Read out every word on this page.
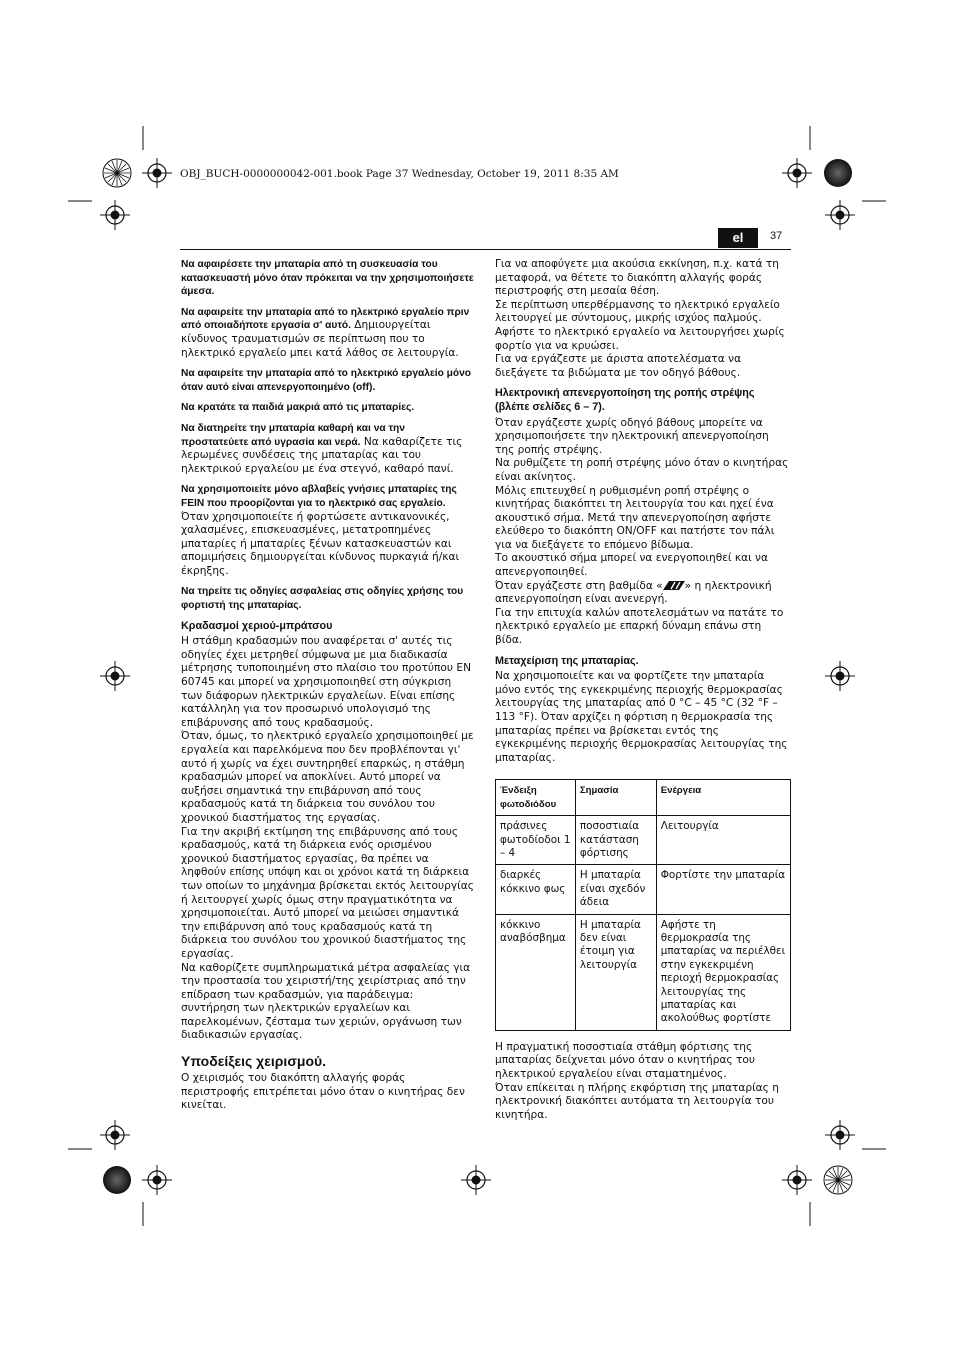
OBJ_BUCH-0000000042-001.book Page 37 Wednesday, October 19, 2011 8:35 AM
el	37

Να αφαιρέσετε την μπαταρία από τη συσκευασία του κατασκευαστή μόνο όταν πρόκειται να την χρησιμοποιήσετε άμεσα.

Να αφαιρείτε την μπαταρία από το ηλεκτρικό εργαλείο πριν από οποιαδήποτε εργασία σ' αυτό. Δημιουργείται κίνδυνος τραυματισμών σε περίπτωση που το ηλεκτρικό εργαλείο μπει κατά λάθος σε λειτουργία.

Να αφαιρείτε την μπαταρία από το ηλεκτρικό εργαλείο μόνο όταν αυτό είναι απενεργοποιημένο (off).

Να κρατάτε τα παιδιά μακριά από τις μπαταρίες.

Να διατηρείτε την μπαταρία καθαρή και να την προστατεύετε από υγρασία και νερά. Να καθαρίζετε τις λερωμένες συνδέσεις της μπαταρίας και του ηλεκτρικού εργαλείου με ένα στεγνό, καθαρό πανί.

Να χρησιμοποιείτε μόνο αβλαβείς γνήσιες μπαταρίες της FEIN που προορίζονται για το ηλεκτρικό σας εργαλείο. Όταν χρησιμοποιείτε ή φορτώσετε αντικανονικές, χαλασμένες, επισκευασμένες, μετατροπημένες μπαταρίες ή μπαταρίες ξένων κατασκευαστών και απομιμήσεις δημιουργείται κίνδυνος πυρκαγιά ή/και έκρηξης.

Να τηρείτε τις οδηγίες ασφαλείας στις οδηγίες χρήσης του φορτιστή της μπαταρίας.

Κραδασμοί χεριού-μπράτσου

Η στάθμη κραδασμών που αναφέρεται σ' αυτές τις οδηγίες έχει μετρηθεί σύμφωνα με μια διαδικασία μέτρησης τυποποιημένη στο πλαίσιο του προτύπου EN 60745 και μπορεί να χρησιμοποιηθεί στη σύγκριση των διάφορων ηλεκτρικών εργαλείων. Είναι επίσης κατάλληλη για τον προσωρινό υπολογισμό της επιβάρυνσης από τους κραδασμούς.

Όταν, όμως, το ηλεκτρικό εργαλείο χρησιμοποιηθεί με εργαλεία και παρελκόμενα που δεν προβλέπονται γι' αυτό ή χωρίς να έχει συντηρηθεί επαρκώς, η στάθμη κραδασμών μπορεί να αποκλίνει. Αυτό μπορεί να αυξήσει σημαντικά την επιβάρυνση από τους κραδασμούς κατά τη διάρκεια του συνόλου του χρονικού διαστήματος της εργασίας.

Για την ακριβή εκτίμηση της επιβάρυνσης από τους κραδασμούς, κατά τη διάρκεια ενός ορισμένου χρονικού διαστήματος εργασίας, θα πρέπει να ληφθούν επίσης υπόψη και οι χρόνοι κατά τη διάρκεια των οποίων το μηχάνημα βρίσκεται εκτός λειτουργίας ή λειτουργεί χωρίς όμως στην πραγματικότητα να χρησιμοποιείται. Αυτό μπορεί να μειώσει σημαντικά την επιβάρυνση από τους κραδασμούς κατά τη διάρκεια του συνόλου του χρονικού διαστήματος της εργασίας.

Να καθορίζετε συμπληρωματικά μέτρα ασφαλείας για την προστασία του χειριστή/της χειρίστριας από την επίδραση των κραδασμών, για παράδειγμα: συντήρηση των ηλεκτρικών εργαλείων και παρελκομένων, ζέσταμα των χεριών, οργάνωση των διαδικασιών εργασίας.

Υποδείξεις χειρισμού.

Ο χειρισμός του διακόπτη αλλαγής φοράς περιστροφής επιτρέπεται μόνο όταν ο κινητήρας δεν κινείται.

Για να αποφύγετε μια ακούσια εκκίνηση, π.χ. κατά τη μεταφορά, να θέτετε το διακόπτη αλλαγής φοράς περιστροφής στη μεσαία θέση.

Σε περίπτωση υπερθέρμανσης το ηλεκτρικό εργαλείο λειτουργεί με σύντομους, μικρής ισχύος παλμούς. Αφήστε το ηλεκτρικό εργαλείο να λειτουργήσει χωρίς φορτίο για να κρυώσει.

Για να εργάζεστε με άριστα αποτελέσματα να διεξάγετε τα βιδώματα με τον οδηγό βάθους.

Ηλεκτρονική απενεργοποίηση της ροπής στρέψης (βλέπε σελίδες 6 – 7).

Όταν εργάζεστε χωρίς οδηγό βάθους μπορείτε να χρησιμοποιήσετε την ηλεκτρονική απενεργοποίηση της ροπής στρέψης.

Να ρυθμίζετε τη ροπή στρέψης μόνο όταν ο κινητήρας είναι ακίνητος.

Μόλις επιτευχθεί η ρυθμισμένη ροπή στρέψης ο κινητήρας διακόπτει τη λειτουργία του και ηχεί ένα ακουστικό σήμα. Μετά την απενεργοποίηση αφήστε ελεύθερο το διακόπτη ON/OFF και πατήστε τον πάλι για να διεξάγετε το επόμενο βίδωμα.

Το ακουστικό σήμα μπορεί να ενεργοποιηθεί και να απενεργοποιηθεί.

Όταν εργάζεστε στη βαθμίδα « » η ηλεκτρονική απενεργοποίηση είναι ανενεργή.

Για την επιτυχία καλών αποτελεσμάτων να πατάτε το ηλεκτρικό εργαλείο με επαρκή δύναμη επάνω στη βίδα.

Μεταχείριση της μπαταρίας.

Να χρησιμοποιείτε και να φορτίζετε την μπαταρία μόνο εντός της εγκεκριμένης περιοχής θερμοκρασίας λειτουργίας της μπαταρίας από 0 °C – 45 °C (32 °F – 113 °F). Όταν αρχίζει η φόρτιση η θερμοκρασία της μπαταρίας πρέπει να βρίσκεται εντός της εγκεκριμένης περιοχής θερμοκρασίας λειτουργίας της μπαταρίας.

Ένδειξη φωτοδιόδου	Σημασία	Ενέργεια
πράσινες φωτοδίοδοι 1 – 4	ποσοστιαία κατάσταση φόρτισης	Λειτουργία
διαρκές κόκκινο φως	Η μπαταρία είναι σχεδόν άδεια	Φορτίστε την μπαταρία
κόκκινο αναβόσβημα	Η μπαταρία δεν είναι έτοιμη για λειτουργία	Αφήστε τη θερμοκρασία της μπαταρίας να περιέλθει στην εγκεκριμένη περιοχή θερμοκρασίας λειτουργίας της μπαταρίας και ακολούθως φορτίστε

Η πραγματική ποσοστιαία στάθμη φόρτισης της μπαταρίας δείχνεται μόνο όταν ο κινητήρας του ηλεκτρικού εργαλείου είναι σταματημένος.

Όταν επίκειται η πλήρης εκφόρτιση της μπαταρίας η ηλεκτρονική διακόπτει αυτόματα τη λειτουργία του κινητήρα.
